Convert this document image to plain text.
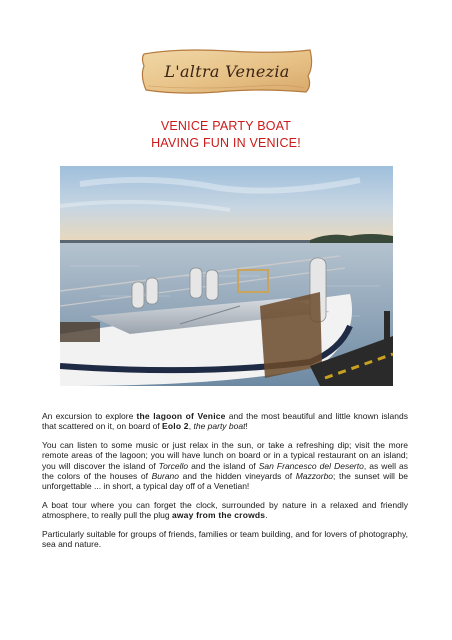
L'altra Venezia
VENICE PARTY BOAT
HAVING FUN IN VENICE!

An excursion to explore the lagoon of Venice and the most beautiful and little known islands that scattered on it, on board of Eolo 2, the party boat!

You can listen to some music or just relax in the sun, or take a refreshing dip; visit the more remote areas of the lagoon; you will have lunch on board or in a typical restaurant on an island; you will discover the island of Torcello and the island of San Francesco del Deserto, as well as the colors of the houses of Burano and the hidden vineyards of Mazzorbo; the sunset will be unforgettable ... in short, a typical day off of a Venetian!

A boat tour where you can forget the clock, surrounded by nature in a relaxed and friendly atmosphere, to really pull the plug away from the crowds.

Particularly suitable for groups of friends, families or team building, and for lovers of photography, sea and nature.
